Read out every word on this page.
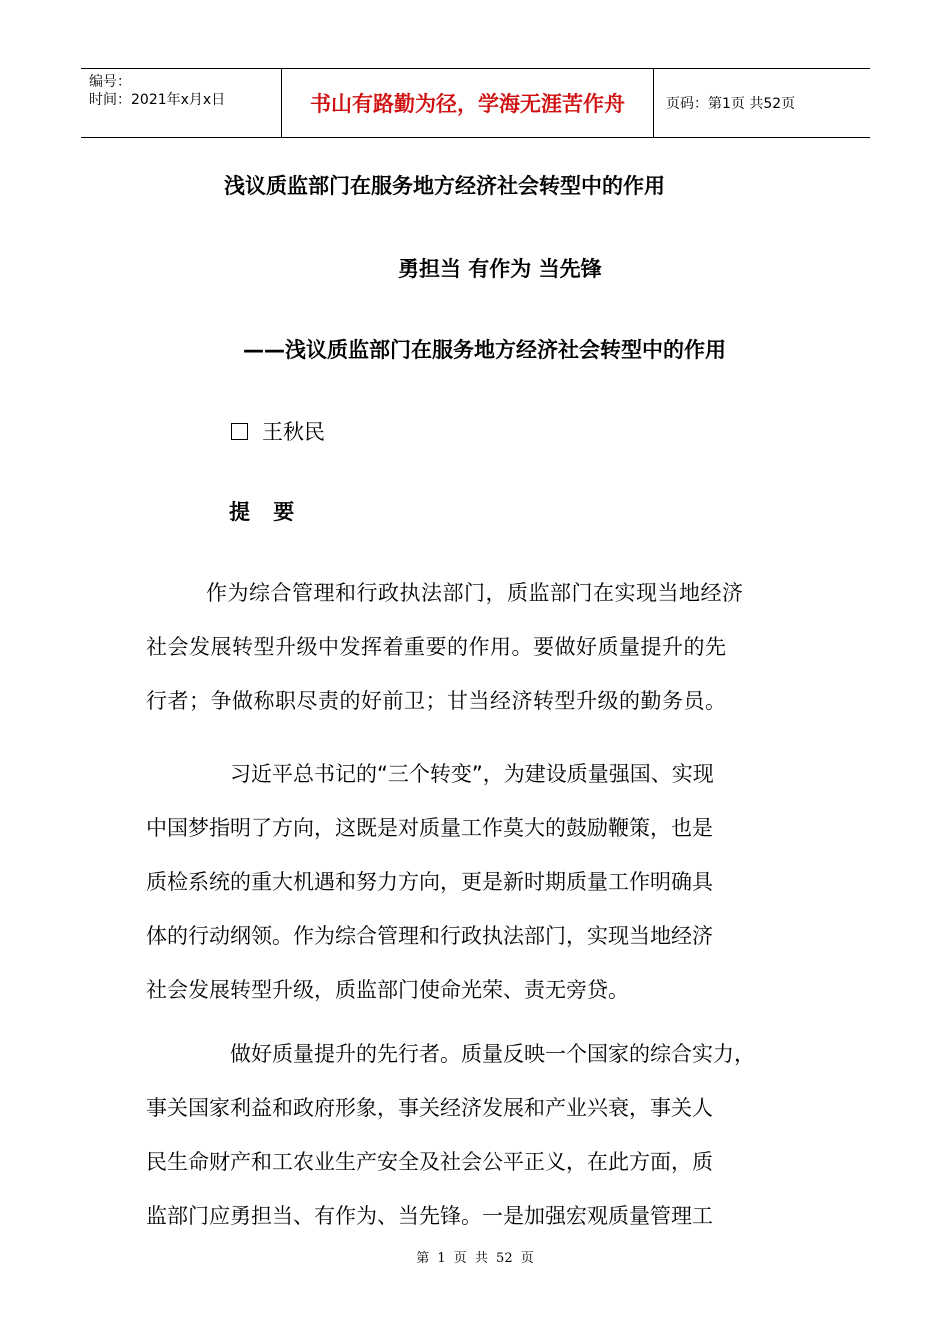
编号：
时间：2021年x月x日	书山有路勤为径，学海无涯苦作舟	页码：第1页 共52页
浅议质监部门在服务地方经济社会转型中的作用
勇担当 有作为 当先锋
——浅议质监部门在服务地方经济社会转型中的作用
王秋民
提 要
作为综合管理和行政执法部门，质监部门在实现当地经济
社会发展转型升级中发挥着重要的作用。要做好质量提升的先
行者；争做称职尽责的好前卫；甘当经济转型升级的勤务员。
习近平总书记的“三个转变”，为建设质量强国、实现
中国梦指明了方向，这既是对质量工作莫大的鼓励鞭策，也是
质检系统的重大机遇和努力方向，更是新时期质量工作明确具
体的行动纲领。作为综合管理和行政执法部门，实现当地经济
社会发展转型升级，质监部门使命光荣、责无旁贷。
做好质量提升的先行者。质量反映一个国家的综合实力，
事关国家利益和政府形象，事关经济发展和产业兴衰，事关人
民生命财产和工农业生产安全及社会公平正义，在此方面，质
监部门应勇担当、有作为、当先锋。一是加强宏观质量管理工
第 1 页 共 52 页
